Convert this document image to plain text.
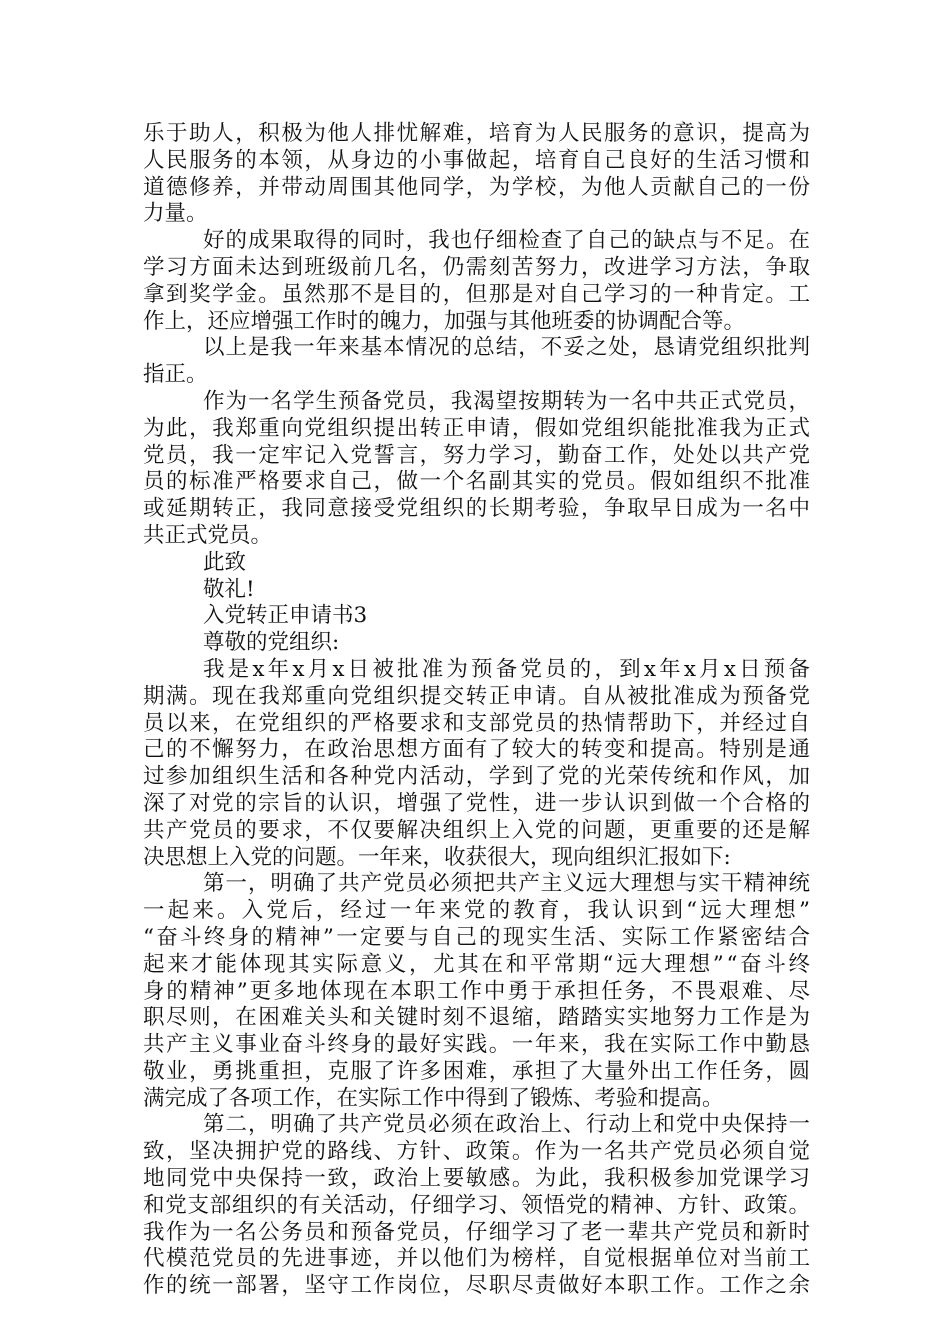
乐于助人，积极为他人排忧解难，培育为人民服务的意识，提高为
人民服务的本领，从身边的小事做起，培育自己良好的生活习惯和
道德修养，并带动周围其他同学，为学校，为他人贡献自己的一份
力量。
好的成果取得的同时，我也仔细检查了自己的缺点与不足。在
学习方面未达到班级前几名，仍需刻苦努力，改进学习方法，争取
拿到奖学金。虽然那不是目的，但那是对自己学习的一种肯定。工
作上，还应增强工作时的魄力，加强与其他班委的协调配合等。
以上是我一年来基本情况的总结，不妥之处，恳请党组织批判
指正。
作为一名学生预备党员，我渴望按期转为一名中共正式党员，
为此，我郑重向党组织提出转正申请，假如党组织能批准我为正式
党员，我一定牢记入党誓言，努力学习，勤奋工作，处处以共产党
员的标准严格要求自己，做一个名副其实的党员。假如组织不批准
或延期转正，我同意接受党组织的长期考验，争取早日成为一名中
共正式党员。
此致
敬礼!
入党转正申请书3
尊敬的党组织:
我是x年x月x日被批准为预备党员的，到x年x月x日预备
期满。现在我郑重向党组织提交转正申请。自从被批准成为预备党
员以来，在党组织的严格要求和支部党员的热情帮助下，并经过自
己的不懈努力，在政治思想方面有了较大的转变和提高。特别是通
过参加组织生活和各种党内活动，学到了党的光荣传统和作风，加
深了对党的宗旨的认识，增强了党性，进一步认识到做一个合格的
共产党员的要求，不仅要解决组织上入党的问题，更重要的还是解
决思想上入党的问题。一年来，收获很大，现向组织汇报如下:
第一，明确了共产党员必须把共产主义远大理想与实干精神统
一起来。入党后，经过一年来党的教育，我认识到“远大理想”
“奋斗终身的精神”一定要与自己的现实生活、实际工作紧密结合
起来才能体现其实际意义，尤其在和平常期“远大理想”“奋斗终
身的精神”更多地体现在本职工作中勇于承担任务，不畏艰难、尽
职尽则，在困难关头和关键时刻不退缩，踏踏实实地努力工作是为
共产主义事业奋斗终身的最好实践。一年来，我在实际工作中勤恳
敬业，勇挑重担，克服了许多困难，承担了大量外出工作任务，圆
满完成了各项工作，在实际工作中得到了锻炼、考验和提高。
第二，明确了共产党员必须在政治上、行动上和党中央保持一
致，坚决拥护党的路线、方针、政策。作为一名共产党员必须自觉
地同党中央保持一致，政治上要敏感。为此，我积极参加党课学习
和党支部组织的有关活动，仔细学习、领悟党的精神、方针、政策。
我作为一名公务员和预备党员，仔细学习了老一辈共产党员和新时
代模范党员的先进事迹，并以他们为榜样，自觉根据单位对当前工
作的统一部署，坚守工作岗位，尽职尽责做好本职工作。工作之余
